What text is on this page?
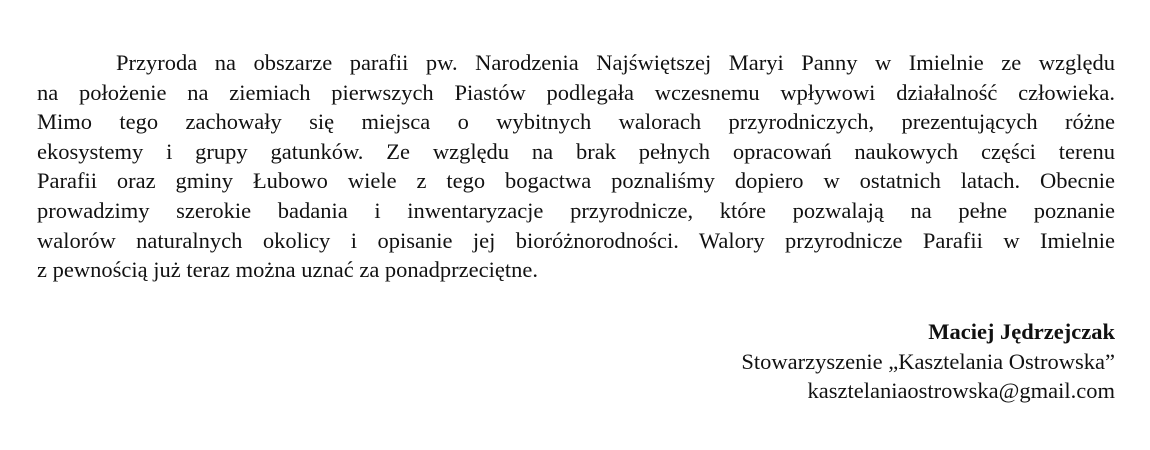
Przyroda na obszarze parafii pw. Narodzenia Najświętszej Maryi Panny w Imielnie ze względu
na położenie na ziemiach pierwszych Piastów podlegała wczesnemu wpływowi działalność człowieka.
Mimo tego zachowały się miejsca o wybitnych walorach przyrodniczych, prezentujących różne
ekosystemy i grupy gatunków. Ze względu na brak pełnych opracowań naukowych części terenu
Parafii oraz gminy Łubowo wiele z tego bogactwa poznaliśmy dopiero w ostatnich latach. Obecnie
prowadzimy szerokie badania i inwentaryzacje przyrodnicze, które pozwalają na pełne poznanie
walorów naturalnych okolicy i opisanie jej bioróżnorodności. Walory przyrodnicze Parafii w Imielnie
z pewnością już teraz można uznać za ponadprzeciętne.
Maciej Jędrzejczak
Stowarzyszenie „Kasztelania Ostrowska”
kasztelaniaostrowska@gmail.com
